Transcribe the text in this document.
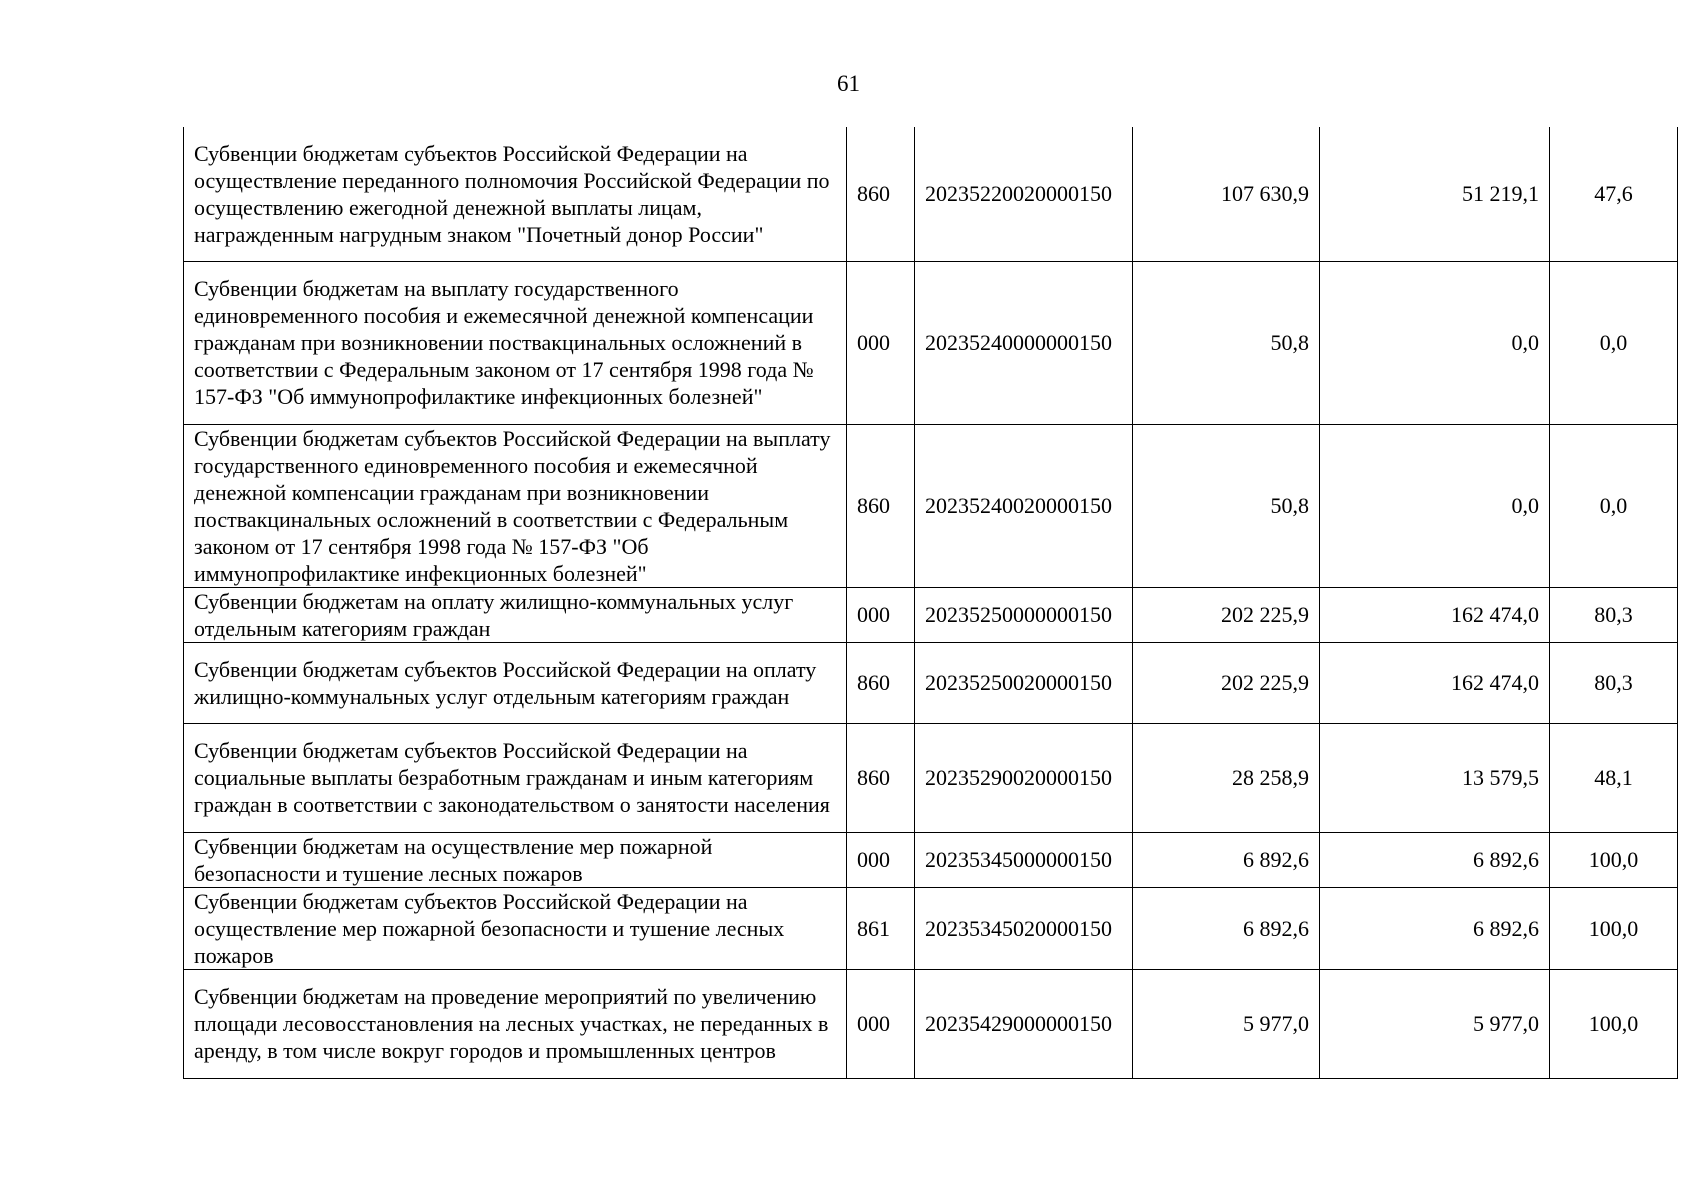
61
Субвенции бюджетам субъектов Российской Федерации на осуществление переданного полномочия Российской Федерации по осуществлению ежегодной денежной выплаты лицам, награжденным нагрудным знаком "Почетный донор России"	860	20235220020000150	107 630,9	51 219,1	47,6
Субвенции бюджетам на выплату государственного единовременного пособия и ежемесячной денежной компенсации гражданам при возникновении поствакцинальных осложнений в соответствии с Федеральным законом от 17 сентября 1998 года № 157-ФЗ "Об иммунопрофилактике инфекционных болезней"	000	20235240000000150	50,8	0,0	0,0
Субвенции бюджетам субъектов Российской Федерации на выплату государственного единовременного пособия и ежемесячной денежной компенсации гражданам при возникновении поствакцинальных осложнений в соответствии с Федеральным законом от 17 сентября 1998 года № 157-ФЗ "Об иммунопрофилактике инфекционных болезней"	860	20235240020000150	50,8	0,0	0,0
Субвенции бюджетам на оплату жилищно-коммунальных услуг отдельным категориям граждан	000	20235250000000150	202 225,9	162 474,0	80,3
Субвенции бюджетам субъектов Российской Федерации на оплату жилищно-коммунальных услуг отдельным категориям граждан	860	20235250020000150	202 225,9	162 474,0	80,3
Субвенции бюджетам субъектов Российской Федерации на социальные выплаты безработным гражданам и иным категориям граждан в соответствии с законодательством о занятости населения	860	20235290020000150	28 258,9	13 579,5	48,1
Субвенции бюджетам на осуществление мер пожарной безопасности и тушение лесных пожаров	000	20235345000000150	6 892,6	6 892,6	100,0
Субвенции бюджетам субъектов Российской Федерации на осуществление мер пожарной безопасности и тушение лесных пожаров	861	20235345020000150	6 892,6	6 892,6	100,0
Субвенции бюджетам на проведение мероприятий по увеличению площади лесовосстановления на лесных участках, не переданных в аренду, в том числе вокруг городов и промышленных центров	000	20235429000000150	5 977,0	5 977,0	100,0
